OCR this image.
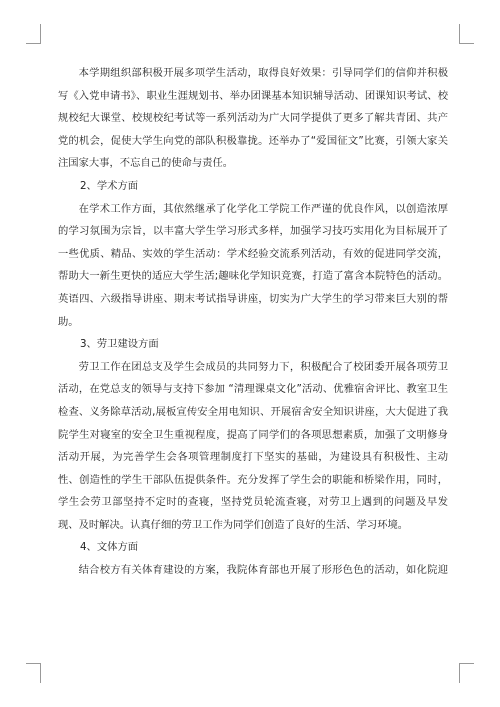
本学期组织部积极开展多项学生活动，取得良好效果：引导同学们的信仰并积极写《入党申请书》、职业生涯规划书、举办团课基本知识辅导活动、团课知识考试、校规校纪大课堂、校规校纪考试等一系列活动为广大同学提供了更多了解共青团、共产党的机会，促使大学生向党的部队积极靠拢。还举办了“爱国征文”比赛，引领大家关注国家大事，不忘自己的使命与责任。

2、学术方面

在学术工作方面，其依然继承了化学化工学院工作严谨的优良作风，以创造浓厚的学习氛围为宗旨，以丰富大学生学习形式多样，加强学习技巧实用化为目标展开了一些优质、精品、实效的学生活动：学术经验交流系列活动，有效的促进同学交流，帮助大一新生更快的适应大学生活;趣味化学知识竞赛，打造了富含本院特色的活动。英语四、六级指导讲座、期末考试指导讲座，切实为广大学生的学习带来巨大别的帮助。

3、劳卫建设方面

劳卫工作在团总支及学生会成员的共同努力下，积极配合了校团委开展各项劳卫活动，在党总支的领导与支持下参加 “清理课桌文化”活动、优雅宿舍评比、教室卫生检查、义务除草活动,展板宣传安全用电知识、开展宿舍安全知识讲座，大大促进了我院学生对寝室的安全卫生重视程度，提高了同学们的各项思想素质，加强了文明修身活动开展，为完善学生会各项管理制度打下坚实的基础，为建设具有积极性、主动性、创造性的学生干部队伍提供条件。充分发挥了学生会的职能和桥梁作用，同时，学生会劳卫部坚持不定时的查寝，坚持党员轮流查寝，对劳卫上遇到的问题及早发现、及时解决。认真仔细的劳卫工作为同学们创造了良好的生活、学习环境。

4、文体方面

结合校方有关体育建设的方案，我院体育部也开展了形形色色的活动，如化院迎
